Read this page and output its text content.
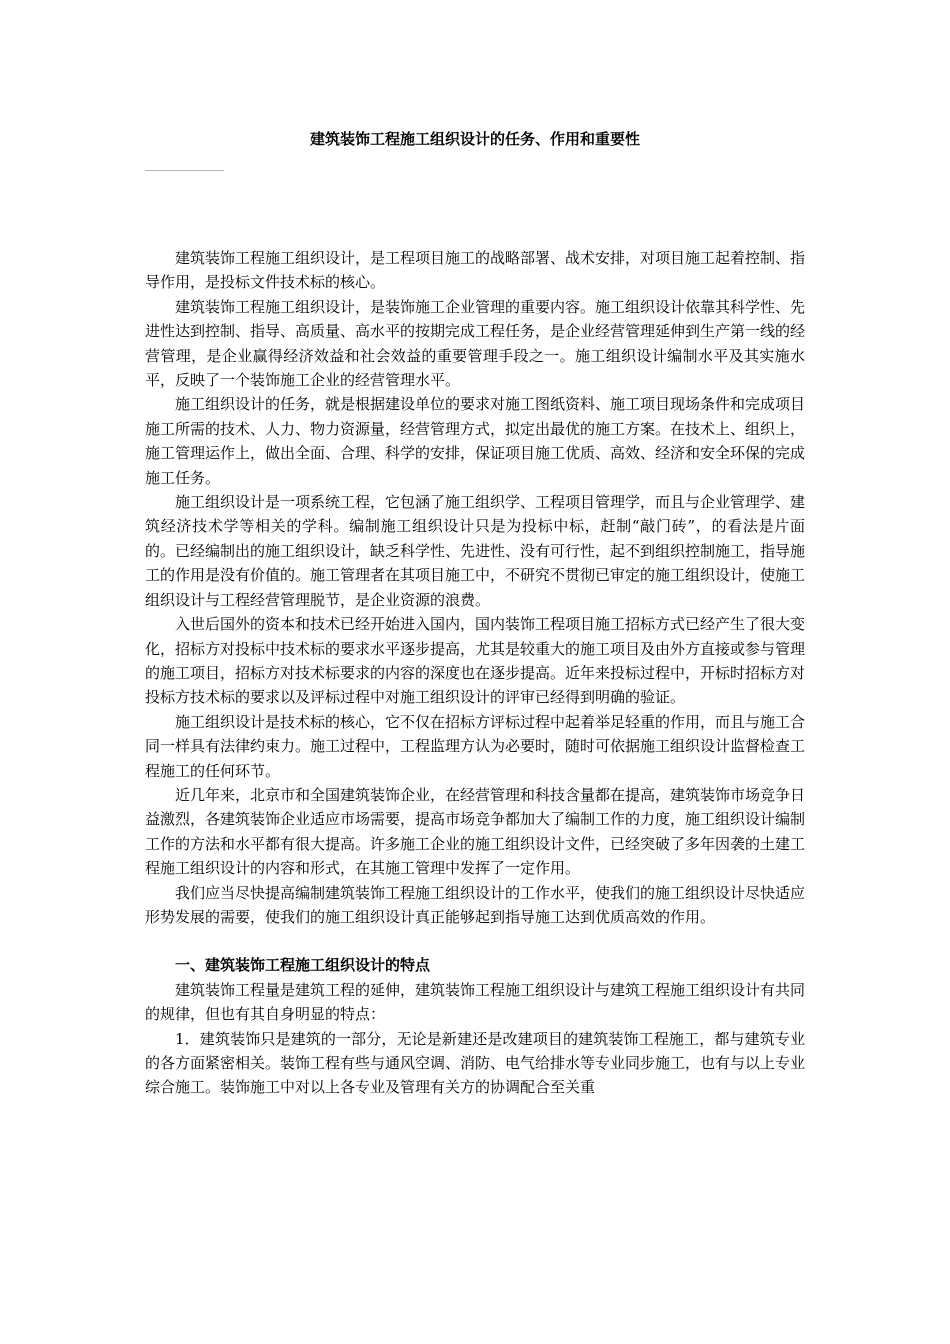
建筑装饰工程施工组织设计的任务、作用和重要性

建筑装饰工程施工组织设计，是工程项目施工的战略部署、战术安排，对项目施工起着控制、指导作用，是投标文件技术标的核心。

建筑装饰工程施工组织设计，是装饰施工企业管理的重要内容。施工组织设计依靠其科学性、先进性达到控制、指导、高质量、高水平的按期完成工程任务，是企业经营管理延伸到生产第一线的经营管理，是企业赢得经济效益和社会效益的重要管理手段之一。施工组织设计编制水平及其实施水平，反映了一个装饰施工企业的经营管理水平。

施工组织设计的任务，就是根据建设单位的要求对施工图纸资料、施工项目现场条件和完成项目施工所需的技术、人力、物力资源量，经营管理方式，拟定出最优的施工方案。在技术上、组织上，施工管理运作上，做出全面、合理、科学的安排，保证项目施工优质、高效、经济和安全环保的完成施工任务。

施工组织设计是一项系统工程，它包涵了施工组织学、工程项目管理学，而且与企业管理学、建筑经济技术学等相关的学科。编制施工组织设计只是为投标中标，赶制“敲门砖”，的看法是片面的。已经编制出的施工组织设计，缺乏科学性、先进性、没有可行性，起不到组织控制施工，指导施工的作用是没有价值的。施工管理者在其项目施工中，不研究不贯彻已审定的施工组织设计，使施工组织设计与工程经营管理脱节，是企业资源的浪费。

入世后国外的资本和技术已经开始进入国内，国内装饰工程项目施工招标方式已经产生了很大变化，招标方对投标中技术标的要求水平逐步提高，尤其是较重大的施工项目及由外方直接或参与管理的施工项目，招标方对技术标要求的内容的深度也在逐步提高。近年来投标过程中，开标时招标方对投标方技术标的要求以及评标过程中对施工组织设计的评审已经得到明确的验证。

施工组织设计是技术标的核心，它不仅在招标方评标过程中起着举足轻重的作用，而且与施工合同一样具有法律约束力。施工过程中，工程监理方认为必要时，随时可依据施工组织设计监督检查工程施工的任何环节。

近几年来，北京市和全国建筑装饰企业，在经营管理和科技含量都在提高，建筑装饰市场竞争日益激烈，各建筑装饰企业适应市场需要，提高市场竞争都加大了编制工作的力度，施工组织设计编制工作的方法和水平都有很大提高。许多施工企业的施工组织设计文件，已经突破了多年因袭的土建工程施工组织设计的内容和形式，在其施工管理中发挥了一定作用。

我们应当尽快提高编制建筑装饰工程施工组织设计的工作水平，使我们的施工组织设计尽快适应形势发展的需要，使我们的施工组织设计真正能够起到指导施工达到优质高效的作用。

一、建筑装饰工程施工组织设计的特点

建筑装饰工程量是建筑工程的延伸，建筑装饰工程施工组织设计与建筑工程施工组织设计有共同的规律，但也有其自身明显的特点：

1．建筑装饰只是建筑的一部分，无论是新建还是改建项目的建筑装饰工程施工，都与建筑专业的各方面紧密相关。装饰工程有些与通风空调、消防、电气给排水等专业同步施工，也有与以上专业综合施工。装饰施工中对以上各专业及管理有关方的协调配合至关重
